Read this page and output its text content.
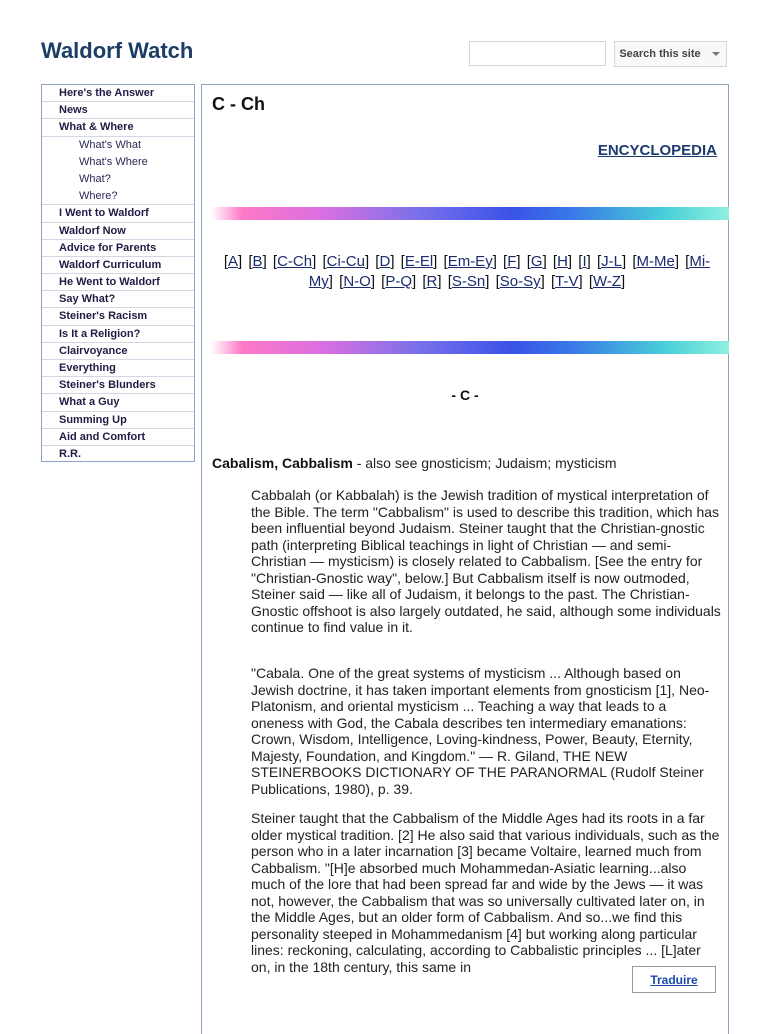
Waldorf Watch	Search this site
Here's the Answer
News
What & Where
What's What
What's Where
What?
Where?
I Went to Waldorf
Waldorf Now
Advice for Parents
Waldorf Curriculum
He Went to Waldorf
Say What?
Steiner's Racism
Is It a Religion?
Clairvoyance
Everything
Steiner's Blunders
What a Guy
Summing Up
Aid and Comfort
R.R.
C - Ch
ENCYCLOPEDIA
[A] [B] [C-Ch] [Ci-Cu] [D] [E-El] [Em-Ey] [F] [G] [H] [I] [J-L] [M-Me] [Mi-My] [N-O] [P-Q] [R] [S-Sn] [So-Sy] [T-V] [W-Z]
- C -
Cabalism, Cabbalism - also see gnosticism; Judaism; mysticism

Cabbalah (or Kabbalah) is the Jewish tradition of mystical interpretation of the Bible. The term "Cabbalism" is used to describe this tradition, which has been influential beyond Judaism. Steiner taught that the Christian-gnostic path (interpreting Biblical teachings in light of Christian — and semi-Christian — mysticism) is closely related to Cabbalism. [See the entry for "Christian-Gnostic way", below.] But Cabbalism itself is now outmoded, Steiner said — like all of Judaism, it belongs to the past. The Christian-Gnostic offshoot is also largely outdated, he said, although some individuals continue to find value in it.

"Cabala. One of the great systems of mysticism ... Although based on Jewish doctrine, it has taken important elements from gnosticism [1], Neo-Platonism, and oriental mysticism ... Teaching a way that leads to a oneness with God, the Cabala describes ten intermediary emanations: Crown, Wisdom, Intelligence, Loving-kindness, Power, Beauty, Eternity, Majesty, Foundation, and Kingdom." — R. Giland, THE NEW STEINERBOOKS DICTIONARY OF THE PARANORMAL (Rudolf Steiner Publications, 1980), p. 39.

Steiner taught that the Cabbalism of the Middle Ages had its roots in a far older mystical tradition. [2] He also said that various individuals, such as the person who in a later incarnation [3] became Voltaire, learned much from Cabbalism. "[H]e absorbed much Mohammedan-Asiatic learning...also much of the lore that had been spread far and wide by the Jews — it was not, however, the Cabbalism that was so universally cultivated later on, in the Middle Ages, but an older form of Cabbalism. And so...we find this personality steeped in Mohammedanism [4] but working along particular lines: reckoning, calculating, according to Cabbalistic principles ... [L]ater on, in the 18th century, this same in

Traduire
